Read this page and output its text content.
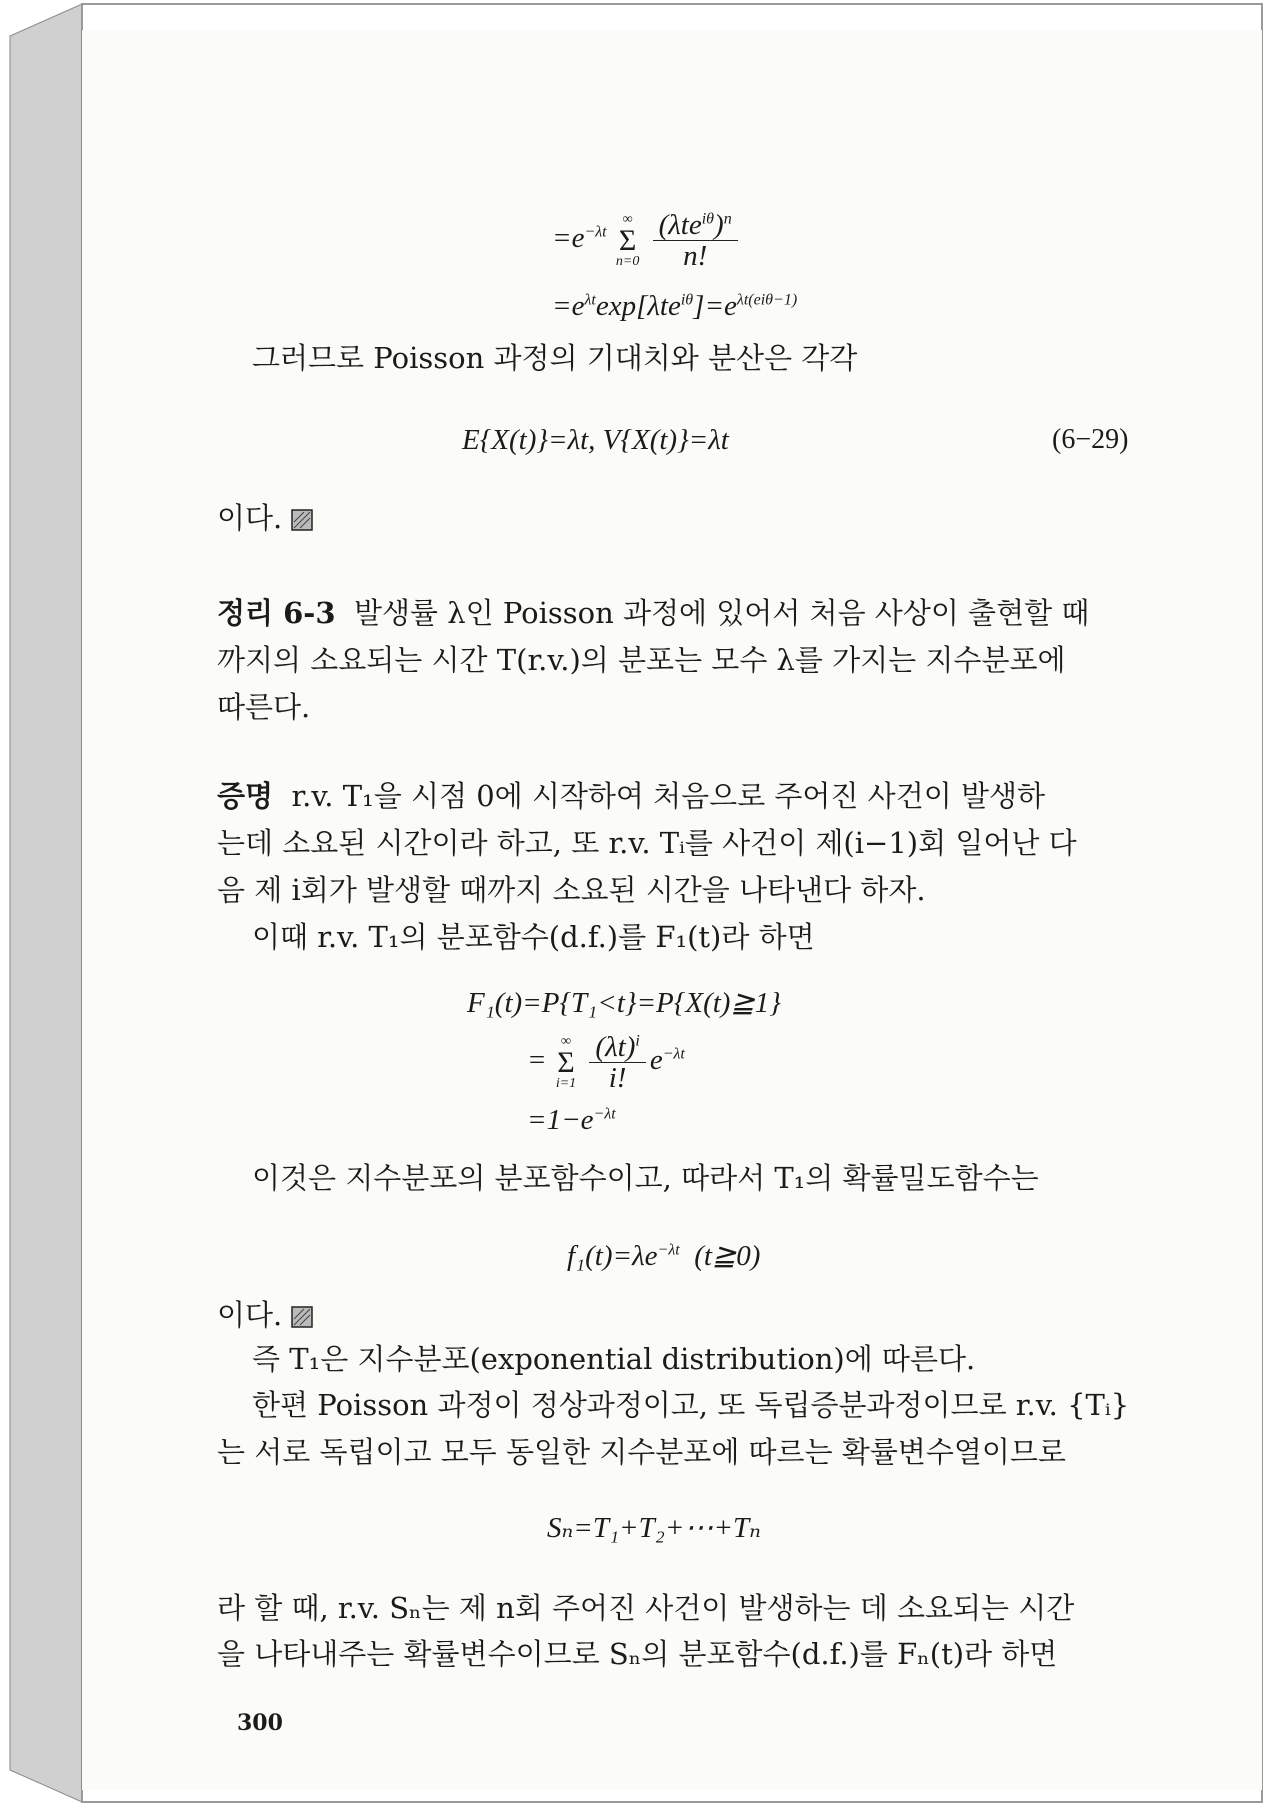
$=e^{-\lambda t}$
∞
Σ
n=0
$\frac{(\lambda te^{i\theta})^n}{n!}$
$=e^{\lambda t}\exp[\lambda te^{i\theta}]=e^{\lambda t(ei\theta-1)}$
그러므로 Poisson 과정의 기대치와 분산은 각각
E{X(t)}=λt, V{X(t)}=λt	(6−29)
이다.
정리 6-3 발생률 λ인 Poisson 과정에 있어서 처음 사상이 출현할 때
까지의 소요되는 시간 T(r.v.)의 분포는 모수 λ를 가지는 지수분포에
따른다.
증명 r.v. T₁을 시점 0에 시작하여 처음으로 주어진 사건이 발생하
는데 소요된 시간이라 하고, 또 r.v. Tᵢ를 사건이 제(i−1)회 일어난 다
음 제 i회가 발생할 때까지 소요된 시간을 나타낸다 하자.
이때 r.v. T₁의 분포함수(d.f.)를 F₁(t)라 하면
F₁(t)=P{T₁<t}=P{X(t)≧1}
=
∞
Σ
i=1
$\frac{(\lambda t)^i}{i!} e^{-\lambda t}$
$=1-e^{-\lambda t}$
이것은 지수분포의 분포함수이고, 따라서 T₁의 확률밀도함수는
$f_1(t)=\lambda e^{-\lambda t}$ (t≧0)
이다.
즉 T₁은 지수분포(exponential distribution)에 따른다.
한편 Poisson 과정이 정상과정이고, 또 독립증분과정이므로 r.v. {Tᵢ}
는 서로 독립이고 모두 동일한 지수분포에 따르는 확률변수열이므로
Sₙ=T₁+T₂+⋯+Tₙ
라 할 때, r.v. Sₙ는 제 n회 주어진 사건이 발생하는 데 소요되는 시간
을 나타내주는 확률변수이므로 Sₙ의 분포함수(d.f.)를 Fₙ(t)라 하면
300
